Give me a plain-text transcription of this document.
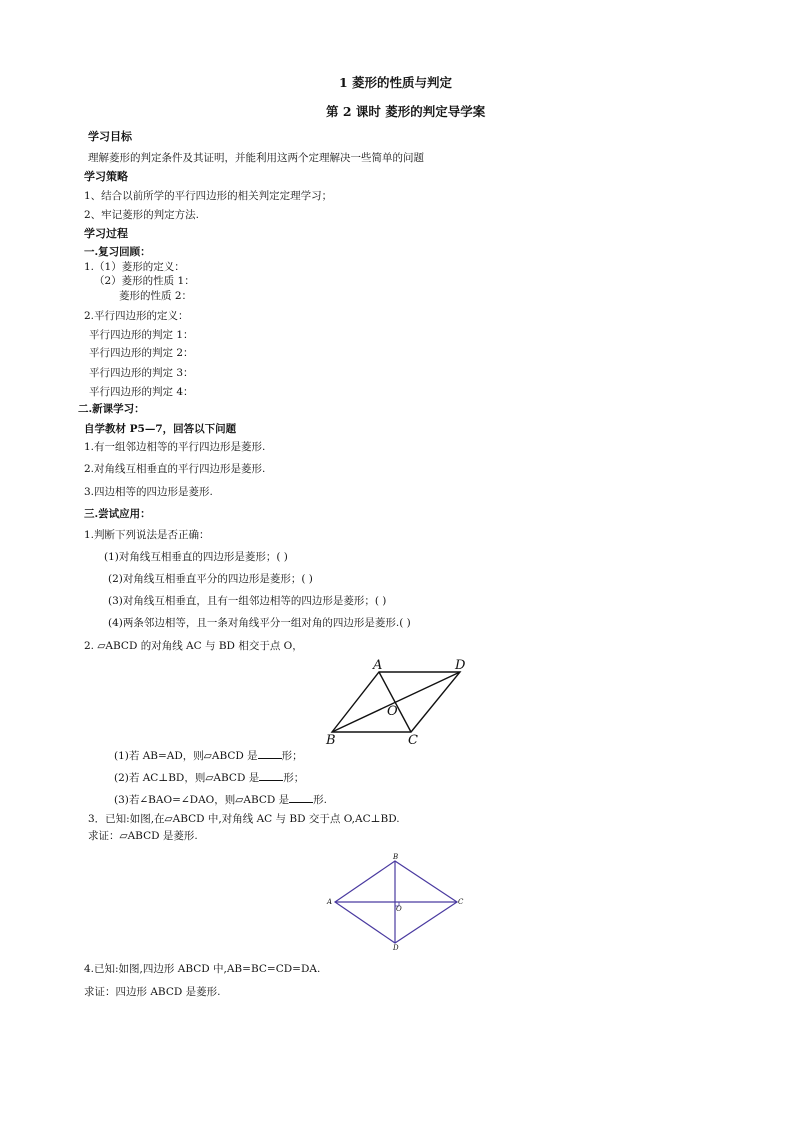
1 菱形的性质与判定
第 2 课时 菱形的判定导学案
学习目标
理解菱形的判定条件及其证明，并能利用这两个定理解决一些简单的问题
学习策略
1、结合以前所学的平行四边形的相关判定定理学习；
2、牢记菱形的判定方法.
学习过程
一.复习回顾：
1.（1）菱形的定义：
（2）菱形的性质 1：
菱形的性质 2：
2.平行四边形的定义：
平行四边形的判定 1：
平行四边形的判定 2：
平行四边形的判定 3：
平行四边形的判定 4：
二.新课学习：
自学教材 P5—7，回答以下问题
1.有一组邻边相等的平行四边形是菱形.
2.对角线互相垂直的平行四边形是菱形.
3.四边相等的四边形是菱形.
三.尝试应用：
1.判断下列说法是否正确：
(1)对角线互相垂直的四边形是菱形；( )
(2)对角线互相垂直平分的四边形是菱形；( )
(3)对角线互相垂直，且有一组邻边相等的四边形是菱形；( )
(4)两条邻边相等，且一条对角线平分一组对角的四边形是菱形.( )
2. ▱ABCD 的对角线 AC 与 BD 相交于点 O，
A	D
O
B	C
(1)若 AB=AD，则▱ABCD 是 形；
(2)若 AC⊥BD，则▱ABCD 是 形；
(3)若∠BAO=∠DAO，则▱ABCD 是 形.
3．已知:如图,在▱ABCD 中,对角线 AC 与 BD 交于点 O,AC⊥BD.
求证：▱ABCD 是菱形.
B
A	C
O
D
4.已知:如图,四边形 ABCD 中,AB=BC=CD=DA.
求证：四边形 ABCD 是菱形.
